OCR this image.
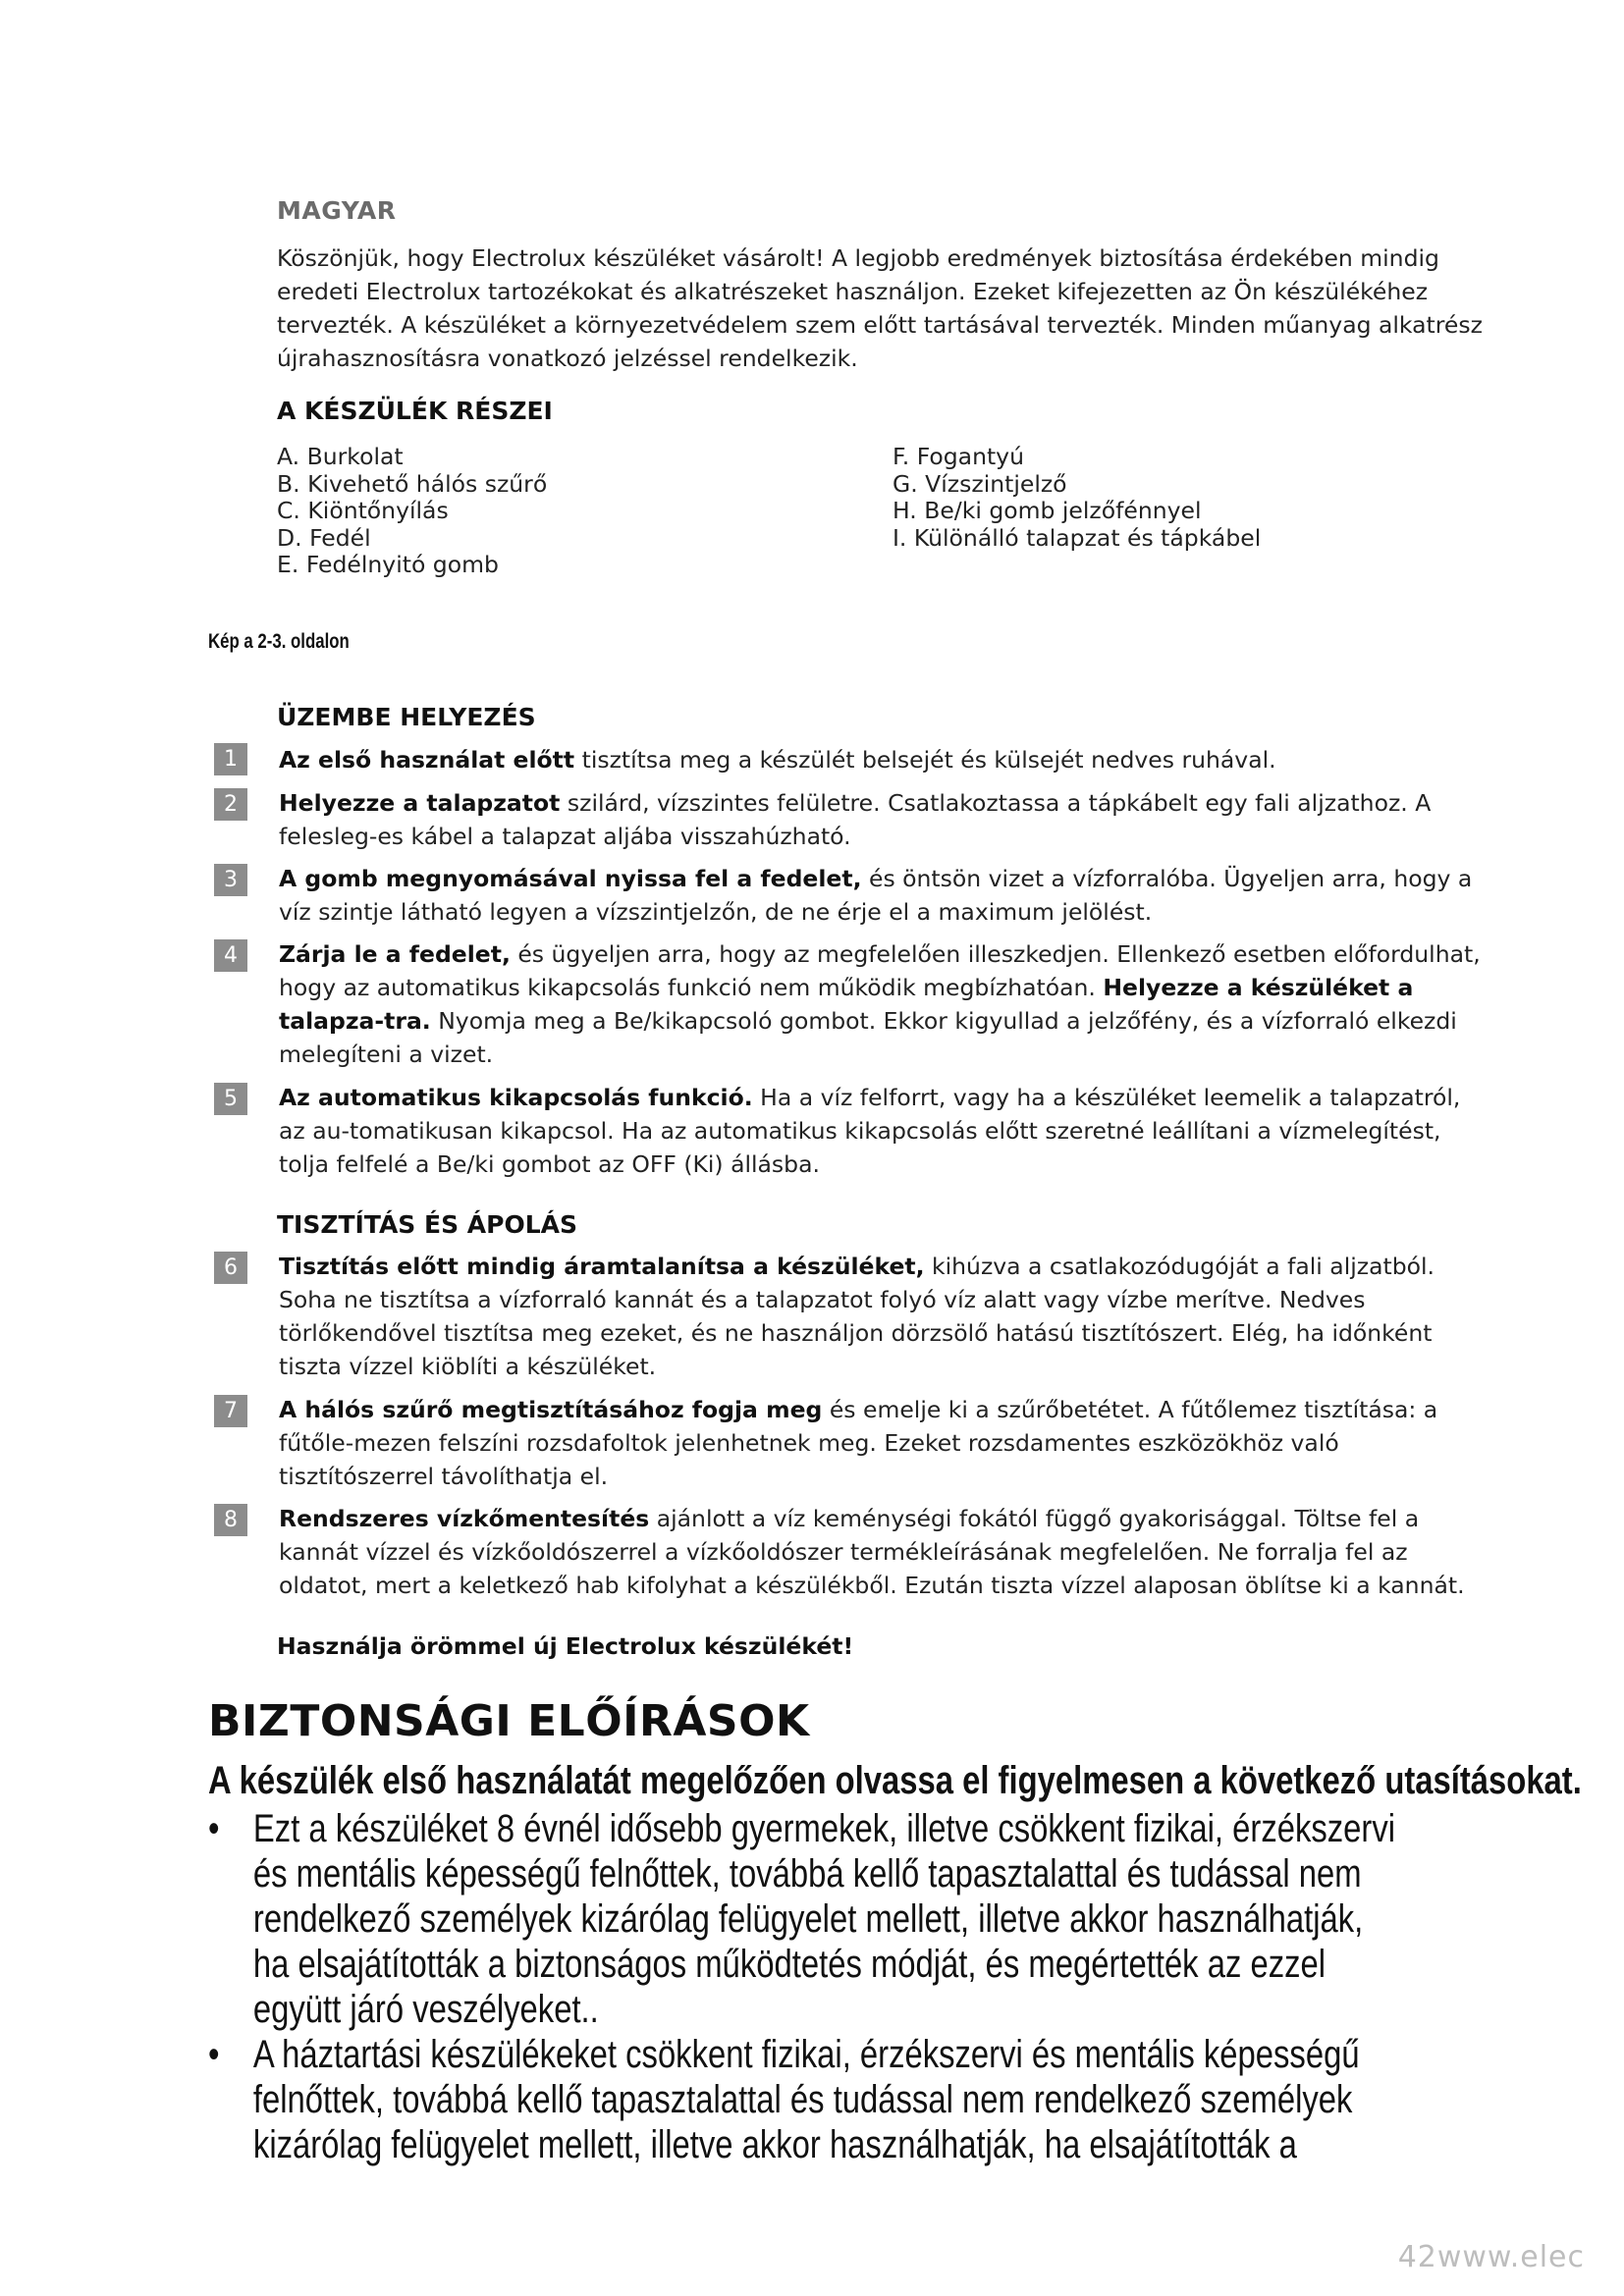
MAGYAR
Köszönjük, hogy Electrolux készüléket vásárolt! A legjobb eredmények biztosítása érdekében mindig eredeti Electrolux tartozékokat és alkatrészeket használjon. Ezeket kifejezetten az Ön készülékéhez tervezték. A készüléket a környezetvédelem szem előtt tartásával tervezték. Minden műanyag alkatrész újrahasznosításra vonatkozó jelzéssel rendelkezik.
A KÉSZÜLÉK RÉSZEI
A. Burkolat
B. Kivehető hálós szűrő
C. Kiöntőnyílás
D. Fedél
E. Fedélnyitó gomb
F. Fogantyú
G. Vízszintjelző
H. Be/ki gomb jelzőfénnyel
I. Különálló talapzat és tápkábel
Kép a 2-3. oldalon
ÜZEMBE HELYEZÉS
1	Az első használat előtt tisztítsa meg a készülét belsejét és külsejét nedves ruhával.
2	Helyezze a talapzatot szilárd, vízszintes felületre. Csatlakoztassa a tápkábelt egy fali aljzathoz. A felesleg-es kábel a talapzat aljába visszahúzható.
3	A gomb megnyomásával nyissa fel a fedelet, és öntsön vizet a vízforralóba. Ügyeljen arra, hogy a víz szintje látható legyen a vízszintjelzőn, de ne érje el a maximum jelölést.
4	Zárja le a fedelet, és ügyeljen arra, hogy az megfelelően illeszkedjen. Ellenkező esetben előfordulhat, hogy az automatikus kikapcsolás funkció nem működik megbízhatóan. Helyezze a készüléket a talapza-tra. Nyomja meg a Be/kikapcsoló gombot. Ekkor kigyullad a jelzőfény, és a vízforraló elkezdi melegíteni a vizet.
5	Az automatikus kikapcsolás funkció. Ha a víz felforrt, vagy ha a készüléket leemelik a talapzatról, az au-tomatikusan kikapcsol. Ha az automatikus kikapcsolás előtt szeretné leállítani a vízmelegítést, tolja felfelé a Be/ki gombot az OFF (Ki) állásba.
TISZTÍTÁS ÉS ÁPOLÁS
6	Tisztítás előtt mindig áramtalanítsa a készüléket, kihúzva a csatlakozódugóját a fali aljzatból. Soha ne tisztítsa a vízforraló kannát és a talapzatot folyó víz alatt vagy vízbe merítve. Nedves törlőkendővel tisztítsa meg ezeket, és ne használjon dörzsölő hatású tisztítószert. Elég, ha időnként tiszta vízzel kiöblíti a készüléket.
7	A hálós szűrő megtisztításához fogja meg és emelje ki a szűrőbetétet. A fűtőlemez tisztítása: a fűtőle-mezen felszíni rozsdafoltok jelenhetnek meg. Ezeket rozsdamentes eszközökhöz való tisztítószerrel távolíthatja el.
8	Rendszeres vízkőmentesítés ajánlott a víz keménységi fokától függő gyakorisággal. Töltse fel a kannát vízzel és vízkőoldószerrel a vízkőoldószer termékleírásának megfelelően. Ne forralja fel az oldatot, mert a keletkező hab kifolyhat a készülékből. Ezután tiszta vízzel alaposan öblítse ki a kannát.
Használja örömmel új Electrolux készülékét!
BIZTONSÁGI ELŐÍRÁSOK
A készülék első használatát megelőzően olvassa el figyelmesen a következő utasításokat.
• Ezt a készüléket 8 évnél idősebb gyermekek, illetve csökkent fizikai, érzékszervi és mentális képességű felnőttek, továbbá kellő tapasztalattal és tudással nem rendelkező személyek kizárólag felügyelet mellett, illetve akkor használhatják, ha elsajátították a biztonságos működtetés módját, és megértették az ezzel együtt járó veszélyeket..
• A háztartási készülékeket csökkent fizikai, érzékszervi és mentális képességű felnőttek, továbbá kellő tapasztalattal és tudással nem rendelkező személyek kizárólag felügyelet mellett, illetve akkor használhatják, ha elsajátították a
42www.elec
